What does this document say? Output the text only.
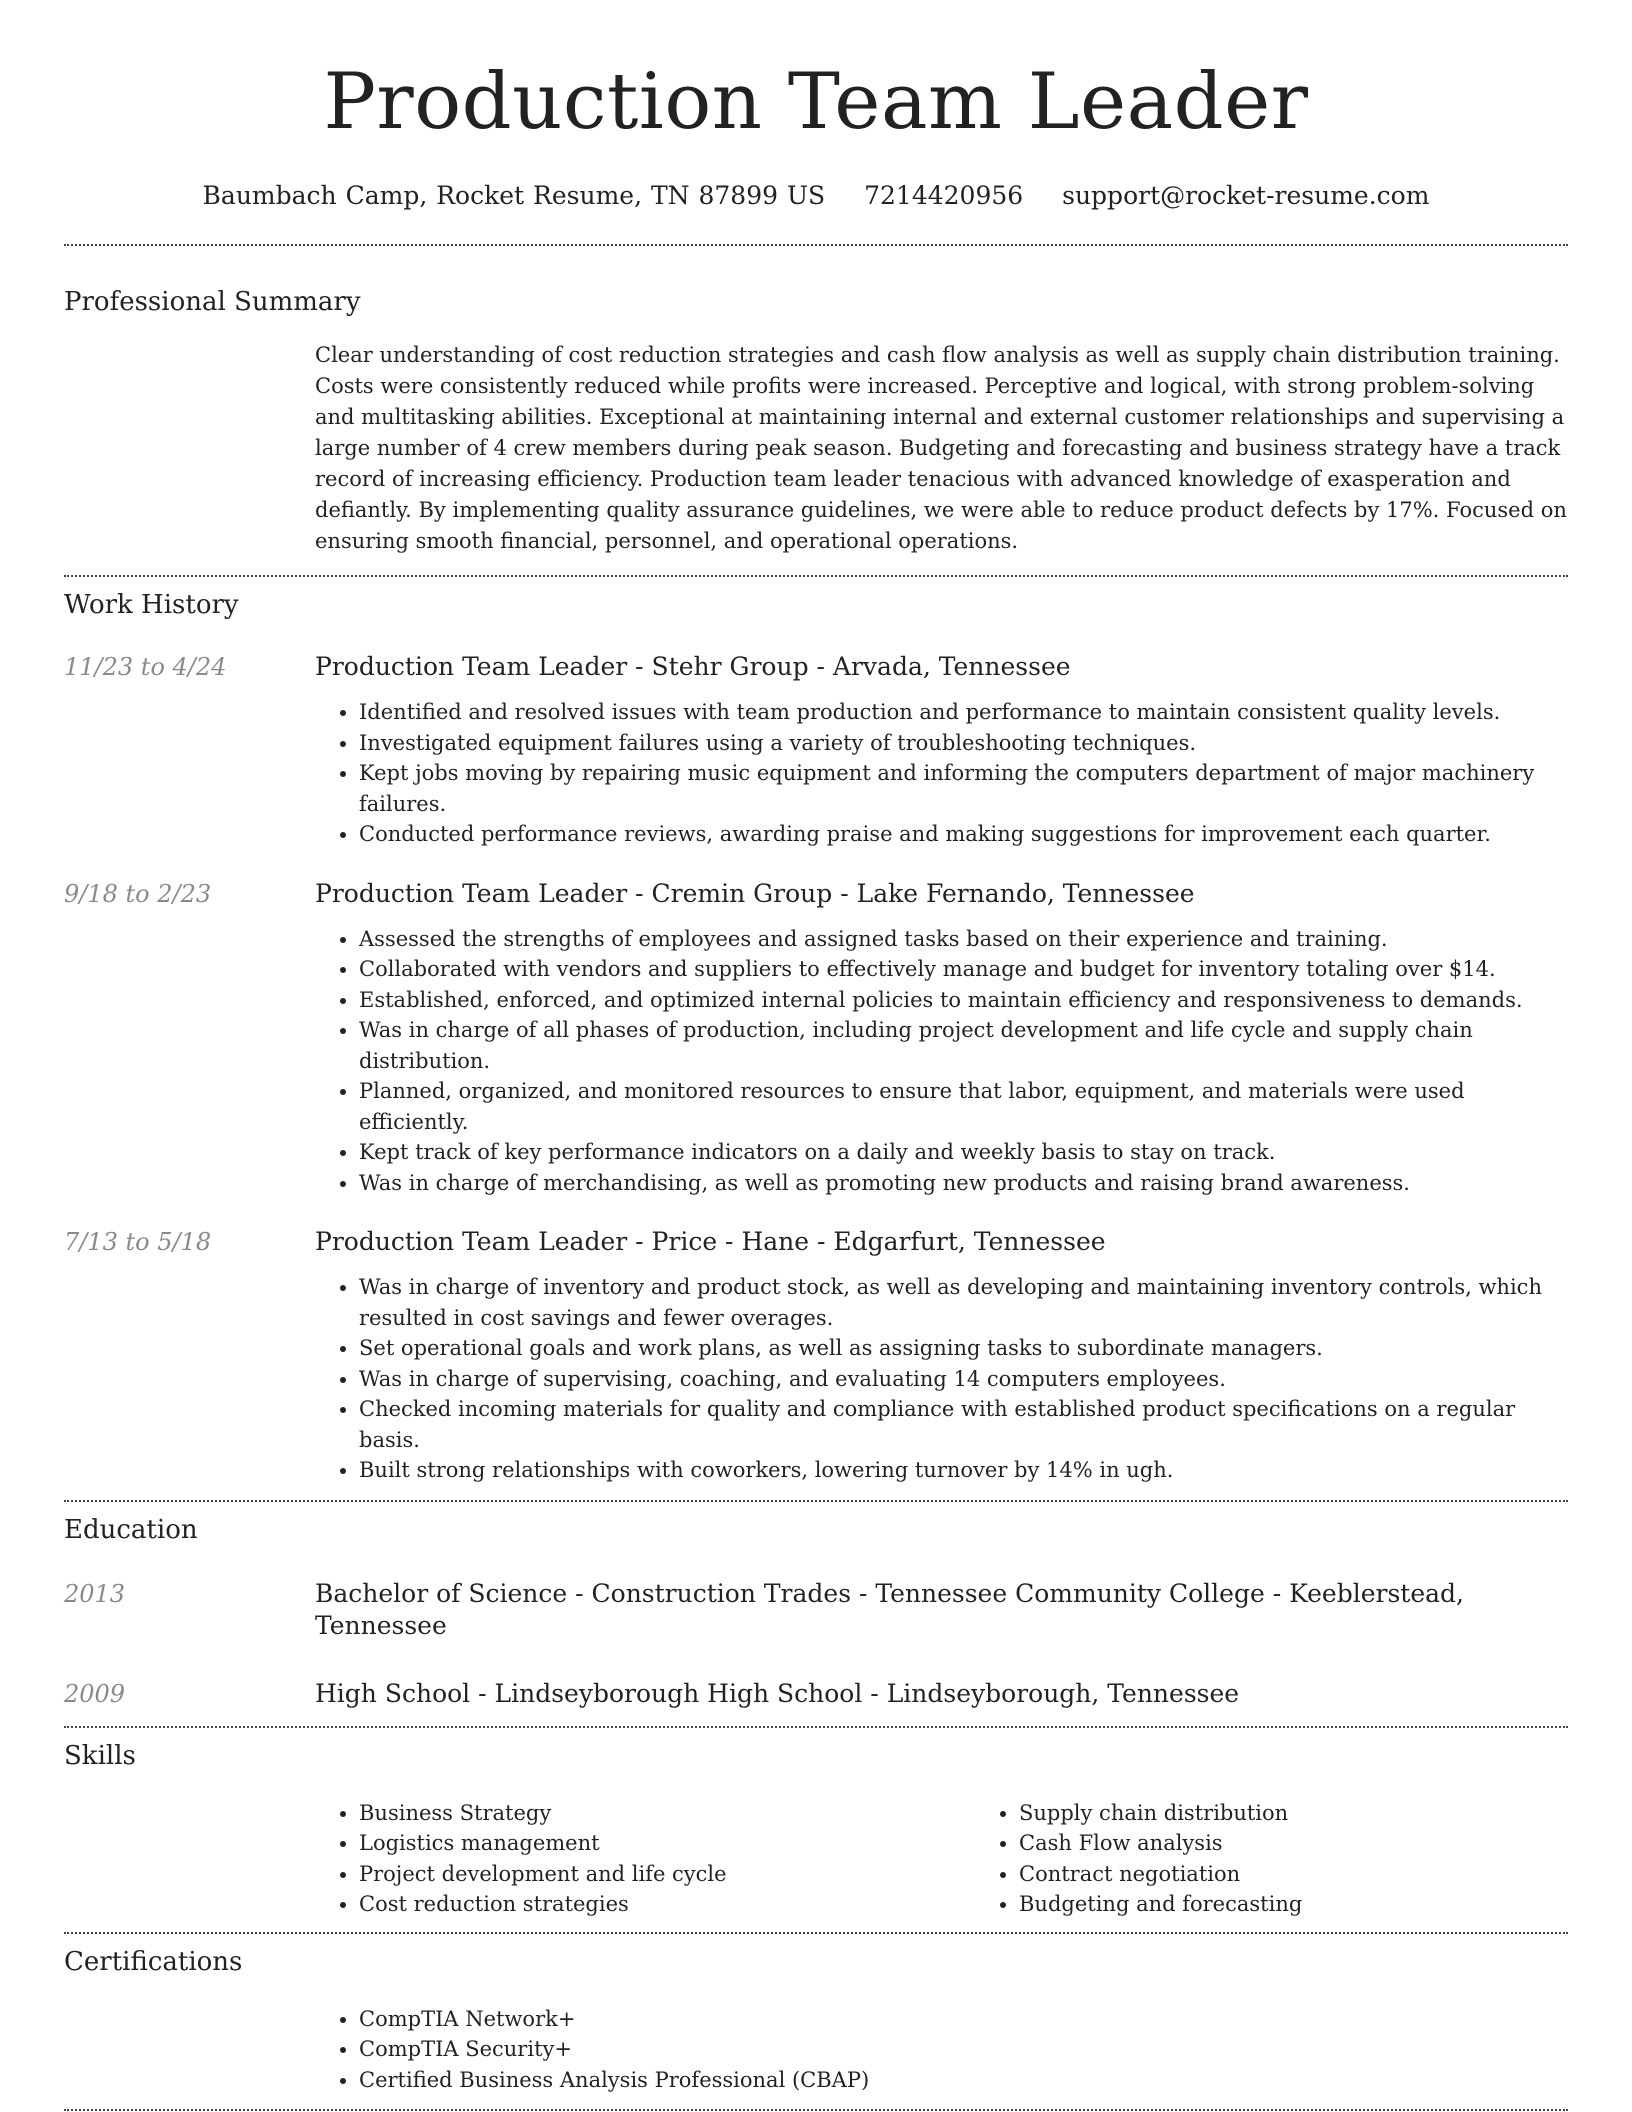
Production Team Leader
Baumbach Camp, Rocket Resume, TN 87899 US 7214420956 support@rocket-resume.com
Professional Summary

Clear understanding of cost reduction strategies and cash flow analysis as well as supply chain distribution training. Costs were consistently reduced while profits were increased. Perceptive and logical, with strong problem-solving and multitasking abilities. Exceptional at maintaining internal and external customer relationships and supervising a large number of 4 crew members during peak season. Budgeting and forecasting and business strategy have a track record of increasing efficiency. Production team leader tenacious with advanced knowledge of exasperation and defiantly. By implementing quality assurance guidelines, we were able to reduce product defects by 17%. Focused on ensuring smooth financial, personnel, and operational operations.

Work History
11/23 to 4/24	Production Team Leader - Stehr Group - Arvada, Tennessee
• Identified and resolved issues with team production and performance to maintain consistent quality levels.
• Investigated equipment failures using a variety of troubleshooting techniques.
• Kept jobs moving by repairing music equipment and informing the computers department of major machinery failures.
• Conducted performance reviews, awarding praise and making suggestions for improvement each quarter.
9/18 to 2/23	Production Team Leader - Cremin Group - Lake Fernando, Tennessee
• Assessed the strengths of employees and assigned tasks based on their experience and training.
• Collaborated with vendors and suppliers to effectively manage and budget for inventory totaling over $14.
• Established, enforced, and optimized internal policies to maintain efficiency and responsiveness to demands.
• Was in charge of all phases of production, including project development and life cycle and supply chain distribution.
• Planned, organized, and monitored resources to ensure that labor, equipment, and materials were used efficiently.
• Kept track of key performance indicators on a daily and weekly basis to stay on track.
• Was in charge of merchandising, as well as promoting new products and raising brand awareness.
7/13 to 5/18	Production Team Leader - Price - Hane - Edgarfurt, Tennessee
• Was in charge of inventory and product stock, as well as developing and maintaining inventory controls, which resulted in cost savings and fewer overages.
• Set operational goals and work plans, as well as assigning tasks to subordinate managers.
• Was in charge of supervising, coaching, and evaluating 14 computers employees.
• Checked incoming materials for quality and compliance with established product specifications on a regular basis.
• Built strong relationships with coworkers, lowering turnover by 14% in ugh.
Education
2013	Bachelor of Science - Construction Trades - Tennessee Community College - Keeblerstead, Tennessee
2009	High School - Lindseyborough High School - Lindseyborough, Tennessee
Skills
• Business Strategy
• Logistics management
• Project development and life cycle
• Cost reduction strategies
• Supply chain distribution
• Cash Flow analysis
• Contract negotiation
• Budgeting and forecasting
Certifications
• CompTIA Network+
• CompTIA Security+
• Certified Business Analysis Professional (CBAP)
